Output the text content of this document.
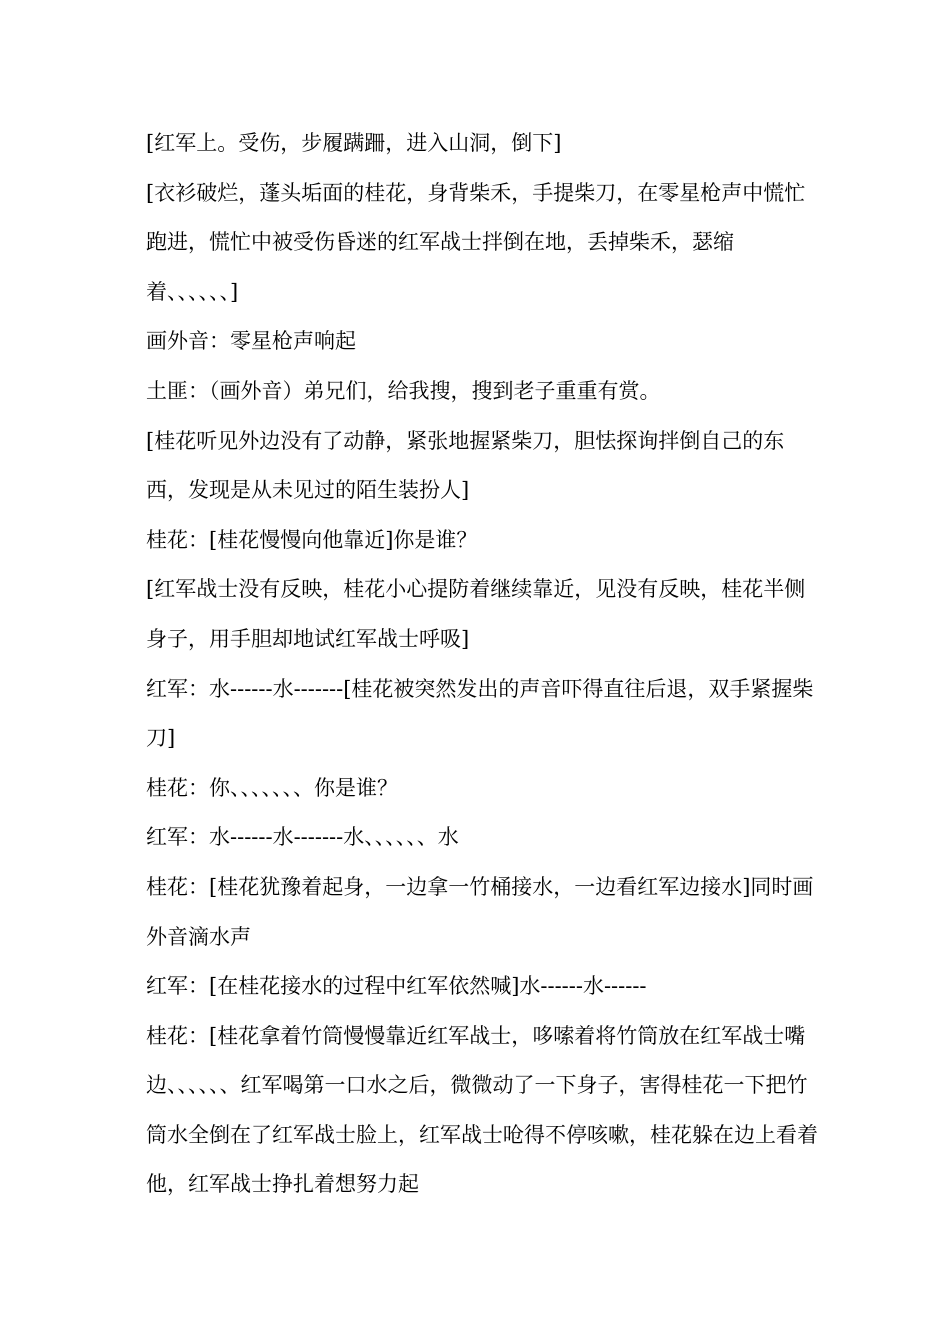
[红军上。受伤，步履蹒跚，进入山洞，倒下]

[衣衫破烂，蓬头垢面的桂花，身背柴禾，手提柴刀，在零星枪声中慌忙跑进，慌忙中被受伤昏迷的红军战士拌倒在地，丢掉柴禾，瑟缩着、、、、、、]

画外音：零星枪声响起

土匪：（画外音）弟兄们，给我搜，搜到老子重重有赏。

[桂花听见外边没有了动静，紧张地握紧柴刀，胆怯探询拌倒自己的东西，发现是从未见过的陌生装扮人]

桂花：[桂花慢慢向他靠近]你是谁？

[红军战士没有反映，桂花小心提防着继续靠近，见没有反映，桂花半侧身子，用手胆却地试红军战士呼吸]

红军：水------水-------[桂花被突然发出的声音吓得直往后退，双手紧握柴刀]

桂花：你、、、、、、、你是谁？

红军：水------水-------水、、、、、、水

桂花：[桂花犹豫着起身，一边拿一竹桶接水，一边看红军边接水]同时画外音滴水声

红军：[在桂花接水的过程中红军依然喊]水------水------

桂花：[桂花拿着竹筒慢慢靠近红军战士，哆嗦着将竹筒放在红军战士嘴边、、、、、、红军喝第一口水之后，微微动了一下身子，害得桂花一下把竹筒水全倒在了红军战士脸上，红军战士呛得不停咳嗽，桂花躲在边上看着他，红军战士挣扎着想努力起
